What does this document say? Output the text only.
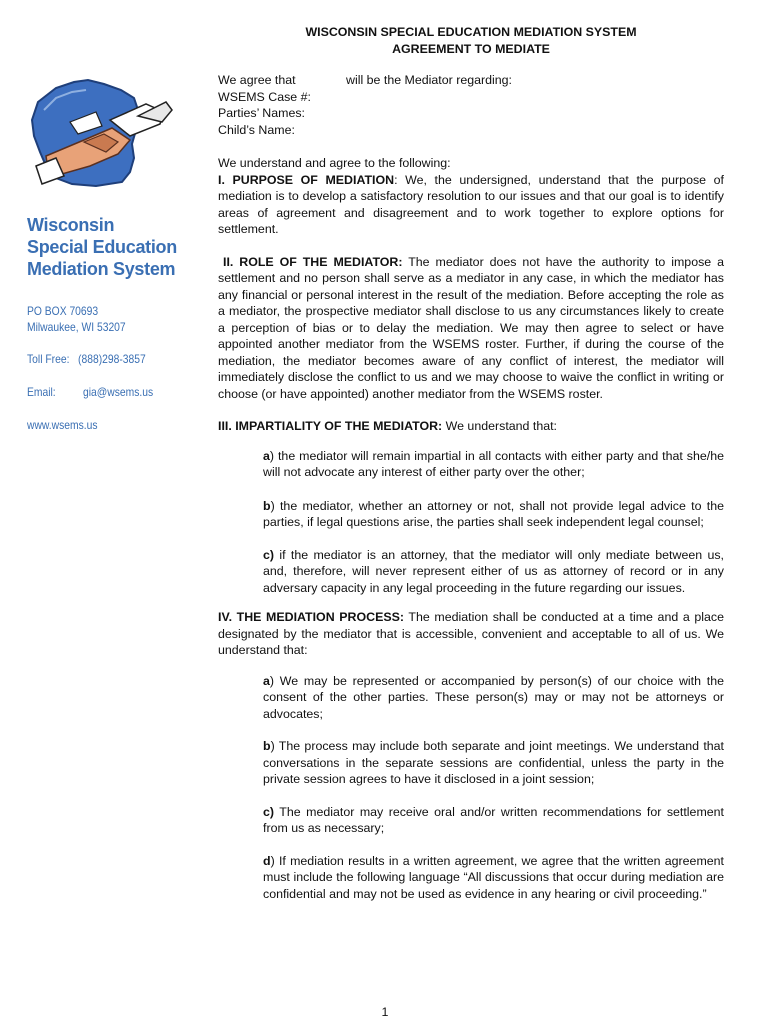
WISCONSIN SPECIAL EDUCATION MEDIATION SYSTEM
AGREEMENT TO MEDIATE
Wisconsin
Special Education
Mediation System
PO BOX 70693
Milwaukee, WI 53207
Toll Free:   (888)298-3857
Email: gia@wsems.us
www.wsems.us
We agree that	will be the Mediator regarding:
WSEMS Case #:
Parties’ Names:
Child’s Name:
We understand and agree to the following:

I. PURPOSE OF MEDIATION: We, the undersigned, understand that the purpose of mediation is to develop a satisfactory resolution to our issues and that our goal is to identify areas of agreement and disagreement and to work together to explore options for settlement.

II. ROLE OF THE MEDIATOR: The mediator does not have the authority to impose a settlement and no person shall serve as a mediator in any case, in which the mediator has any financial or personal interest in the result of the mediation. Before accepting the role as a mediator, the prospective mediator shall disclose to us any circumstances likely to create a perception of bias or to delay the mediation. We may then agree to select or have appointed another mediator from the WSEMS roster. Further, if during the course of the mediation, the mediator becomes aware of any conflict of interest, the mediator will immediately disclose the conflict to us and we may choose to waive the conflict in writing or choose (or have appointed) another mediator from the WSEMS roster.

III. IMPARTIALITY OF THE MEDIATOR: We understand that:

a) the mediator will remain impartial in all contacts with either party and that she/he will not advocate any interest of either party over the other;

b) the mediator, whether an attorney or not, shall not provide legal advice to the parties, if legal questions arise, the parties shall seek independent legal counsel;

c) if the mediator is an attorney, that the mediator will only mediate between us, and, therefore, will never represent either of us as attorney of record or in any adversary capacity in any legal proceeding in the future regarding our issues.

IV. THE MEDIATION PROCESS: The mediation shall be conducted at a time and a place designated by the mediator that is accessible, convenient and acceptable to all of us. We understand that:

a) We may be represented or accompanied by person(s) of our choice with the consent of the other parties. These person(s) may or may not be attorneys or advocates;

b) The process may include both separate and joint meetings. We understand that conversations in the separate sessions are confidential, unless the party in the private session agrees to have it disclosed in a joint session;

c) The mediator may receive oral and/or written recommendations for settlement from us as necessary;

d) If mediation results in a written agreement, we agree that the written agreement must include the following language “All discussions that occur during mediation are confidential and may not be used as evidence in any hearing or civil proceeding.”

1
